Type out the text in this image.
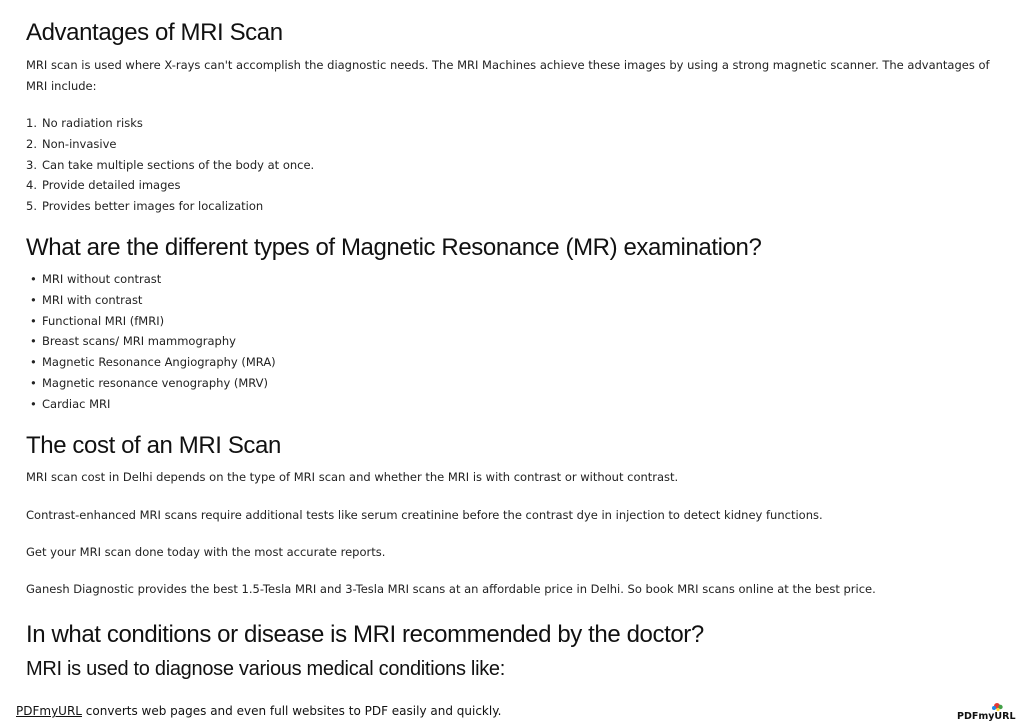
Advantages of MRI Scan

MRI scan is used where X-rays can't accomplish the diagnostic needs. The MRI Machines achieve these images by using a strong magnetic scanner. The advantages of MRI include:

1. No radiation risks
2. Non-invasive
3. Can take multiple sections of the body at once.
4. Provide detailed images
5. Provides better images for localization
What are the different types of Magnetic Resonance (MR) examination?
• MRI without contrast
• MRI with contrast
• Functional MRI (fMRI)
• Breast scans/ MRI mammography
• Magnetic Resonance Angiography (MRA)
• Magnetic resonance venography (MRV)
• Cardiac MRI
The cost of an MRI Scan

MRI scan cost in Delhi depends on the type of MRI scan and whether the MRI is with contrast or without contrast.

Contrast-enhanced MRI scans require additional tests like serum creatinine before the contrast dye in injection to detect kidney functions.

Get your MRI scan done today with the most accurate reports.

Ganesh Diagnostic provides the best 1.5-Tesla MRI and 3-Tesla MRI scans at an affordable price in Delhi. So book MRI scans online at the best price.

In what conditions or disease is MRI recommended by the doctor?
MRI is used to diagnose various medical conditions like:
PDFmyURL converts web pages and even full websites to PDF easily and quickly.	PDFmyURL
